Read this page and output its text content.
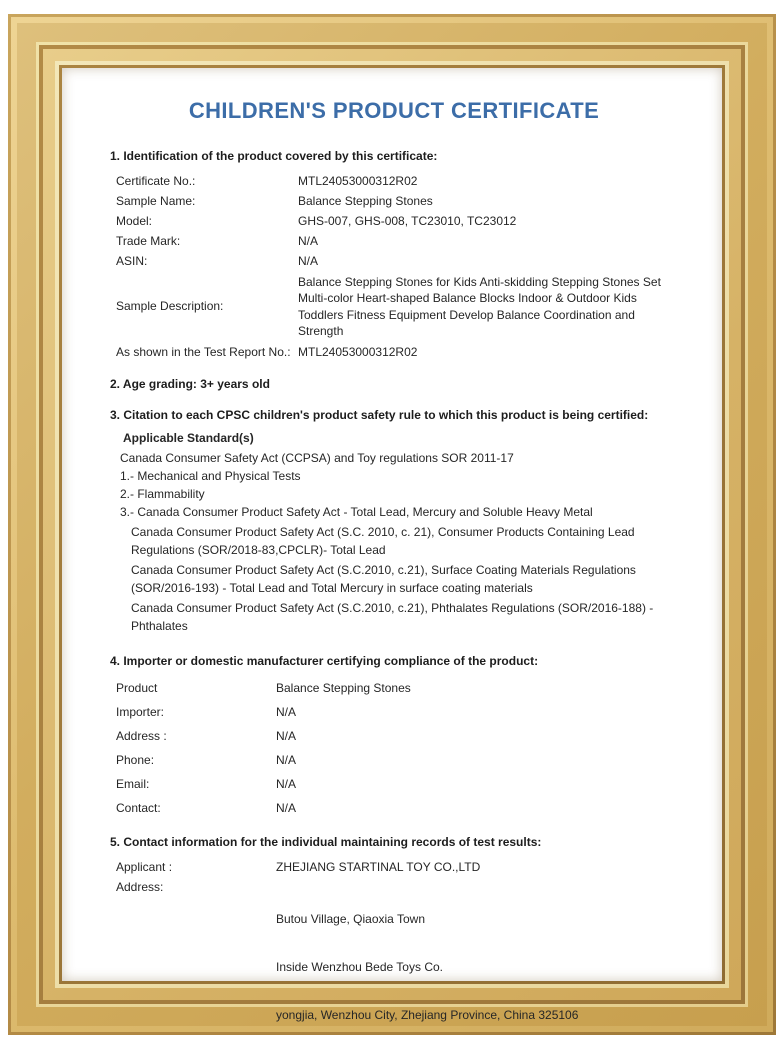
CHILDREN'S PRODUCT CERTIFICATE
1. Identification of the product covered by this certificate:
Certificate No.:	MTL24053000312R02
Sample Name:	Balance Stepping Stones
Model:	GHS-007, GHS-008, TC23010, TC23012
Trade Mark:	N/A
ASIN:	N/A
Sample Description:
Balance Stepping Stones for Kids Anti-skidding Stepping Stones Set Multi-color Heart-shaped Balance Blocks Indoor & Outdoor Kids Toddlers Fitness Equipment Develop Balance Coordination and Strength
As shown in the Test Report No.: MTL24053000312R02
2. Age grading: 3+ years old
3. Citation to each CPSC children's product safety rule to which this product is being certified:
Applicable Standard(s)
Canada Consumer Safety Act (CCPSA) and Toy regulations SOR 2011-17
1.- Mechanical and Physical Tests
2.- Flammability
3.- Canada Consumer Product Safety Act - Total Lead, Mercury and Soluble Heavy Metal
Canada Consumer Product Safety Act (S.C. 2010, c. 21), Consumer Products Containing Lead Regulations (SOR/2018-83,CPCLR)- Total Lead
Canada Consumer Product Safety Act (S.C.2010, c.21), Surface Coating Materials Regulations (SOR/2016-193) - Total Lead and Total Mercury in surface coating materials
Canada Consumer Product Safety Act (S.C.2010, c.21), Phthalates Regulations (SOR/2016-188) - Phthalates
4. Importer or domestic manufacturer certifying compliance of the product:
Product	Balance Stepping Stones
Importer:	N/A
Address :	N/A
Phone:	N/A
Email:	N/A
Contact:	N/A
5. Contact information for the individual maintaining records of test results:
Applicant :	ZHEJIANG STARTINAL TOY CO.,LTD
Address:

Butou Village, Qiaoxia Town

Inside Wenzhou Bede Toys Co.

yongjia, Wenzhou City, Zhejiang Province, China 325106
